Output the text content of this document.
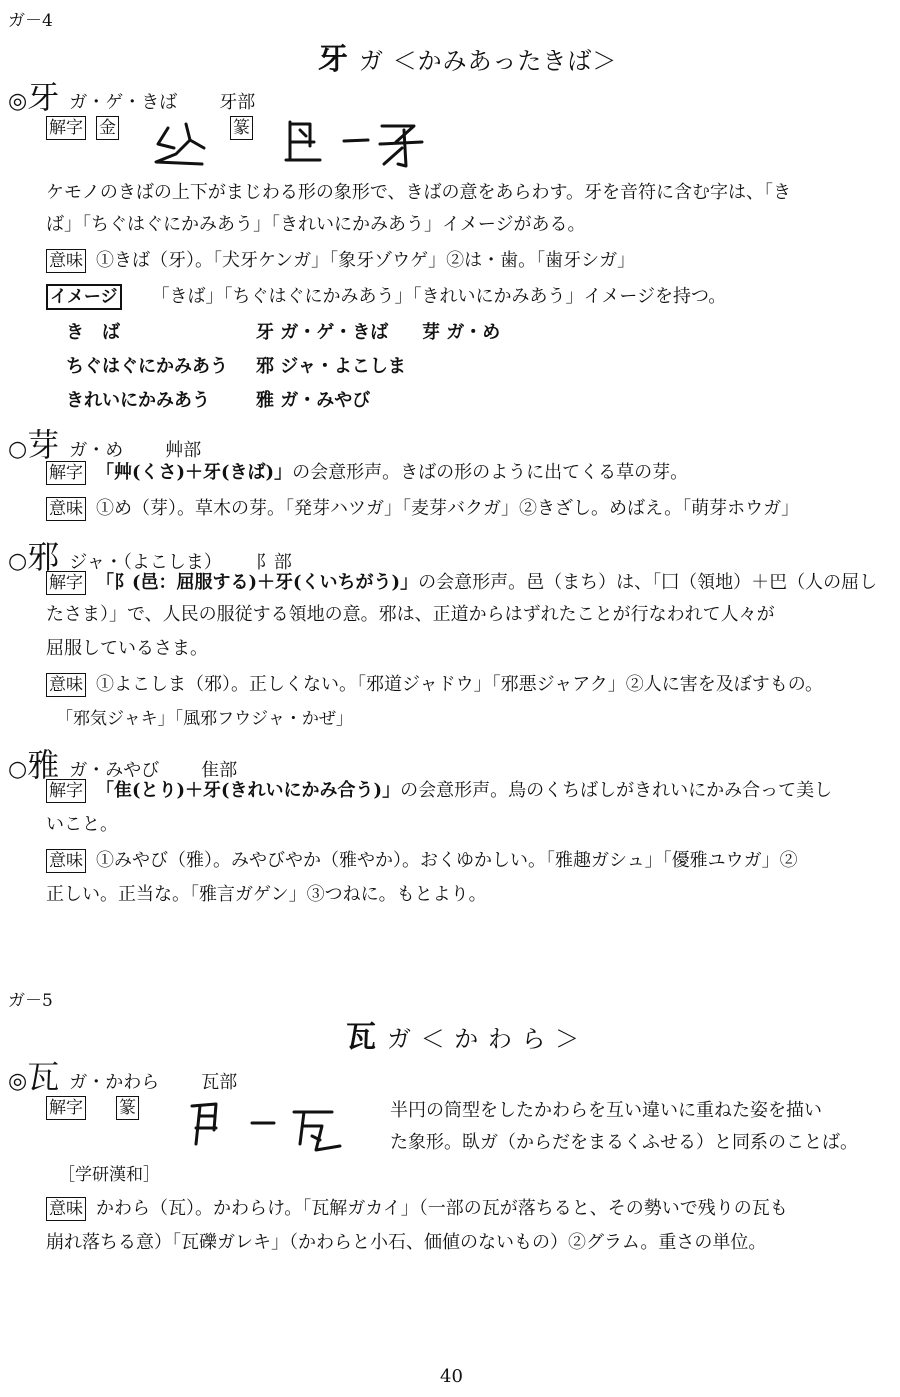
ガ－4
牙 ガ ＜かみあったきば＞
◎牙 ガ・ゲ・きば 牙部
解字 金	篆
ケモノのきばの上下がまじわる形の象形で、きばの意をあらわす。牙を音符に含む字は、「き
ば」「ちぐはぐにかみあう」「きれいにかみあう」イメージがある。
意味 ①きば（牙）。「犬牙ケンガ」「象牙ゾウゲ」②は・歯。「歯牙シガ」
イメージ 「きば」「ちぐはぐにかみあう」「きれいにかみあう」イメージを持つ。
き　ば	牙 ガ・ゲ・きば 芽 ガ・め
ちぐはぐにかみあう 邪 ジャ・よこしま
きれいにかみあう	雅 ガ・みやび
○芽 ガ・め 艸部
解字 「艸(くさ)＋牙(きば)」の会意形声。きばの形のように出てくる草の芽。
意味 ①め（芽）。草木の芽。「発芽ハツガ」「麦芽バクガ」②きざし。めばえ。「萌芽ホウガ」
○邪 ジャ・（よこしま） 阝部
解字 「阝(邑：屈服する)＋牙(くいちがう)」の会意形声。邑（まち）は、「囗（領地）＋巴（人の屈し
たさま）」で、人民の服従する領地の意。邪は、正道からはずれたことが行なわれて人々が
屈服しているさま。
意味 ①よこしま（邪）。正しくない。「邪道ジャドウ」「邪悪ジャアク」②人に害を及ぼすもの。
「邪気ジャキ」「風邪フウジャ・かぜ」
○雅 ガ・みやび 隹部
解字 「隹(とり)＋牙(きれいにかみ合う)」の会意形声。鳥のくちばしがきれいにかみ合って美し
いこと。
意味 ①みやび（雅）。みやびやか（雅やか）。おくゆかしい。「雅趣ガシュ」「優雅ユウガ」②
正しい。正当な。「雅言ガゲン」③つねに。もとより。
ガ－5
瓦 ガ ＜ か わ ら ＞
◎瓦 ガ・かわら 瓦部
解字	篆	半円の筒型をしたかわらを互い違いに重ねた姿を描い
た象形。臥ガ（からだをまるくふせる）と同系のことば。
［学研漢和］
意味 かわら（瓦）。かわらけ。「瓦解ガカイ」（一部の瓦が落ちると、その勢いで残りの瓦も
崩れ落ちる意）「瓦礫ガレキ」（かわらと小石、価値のないもの）②グラム。重さの単位。
40
